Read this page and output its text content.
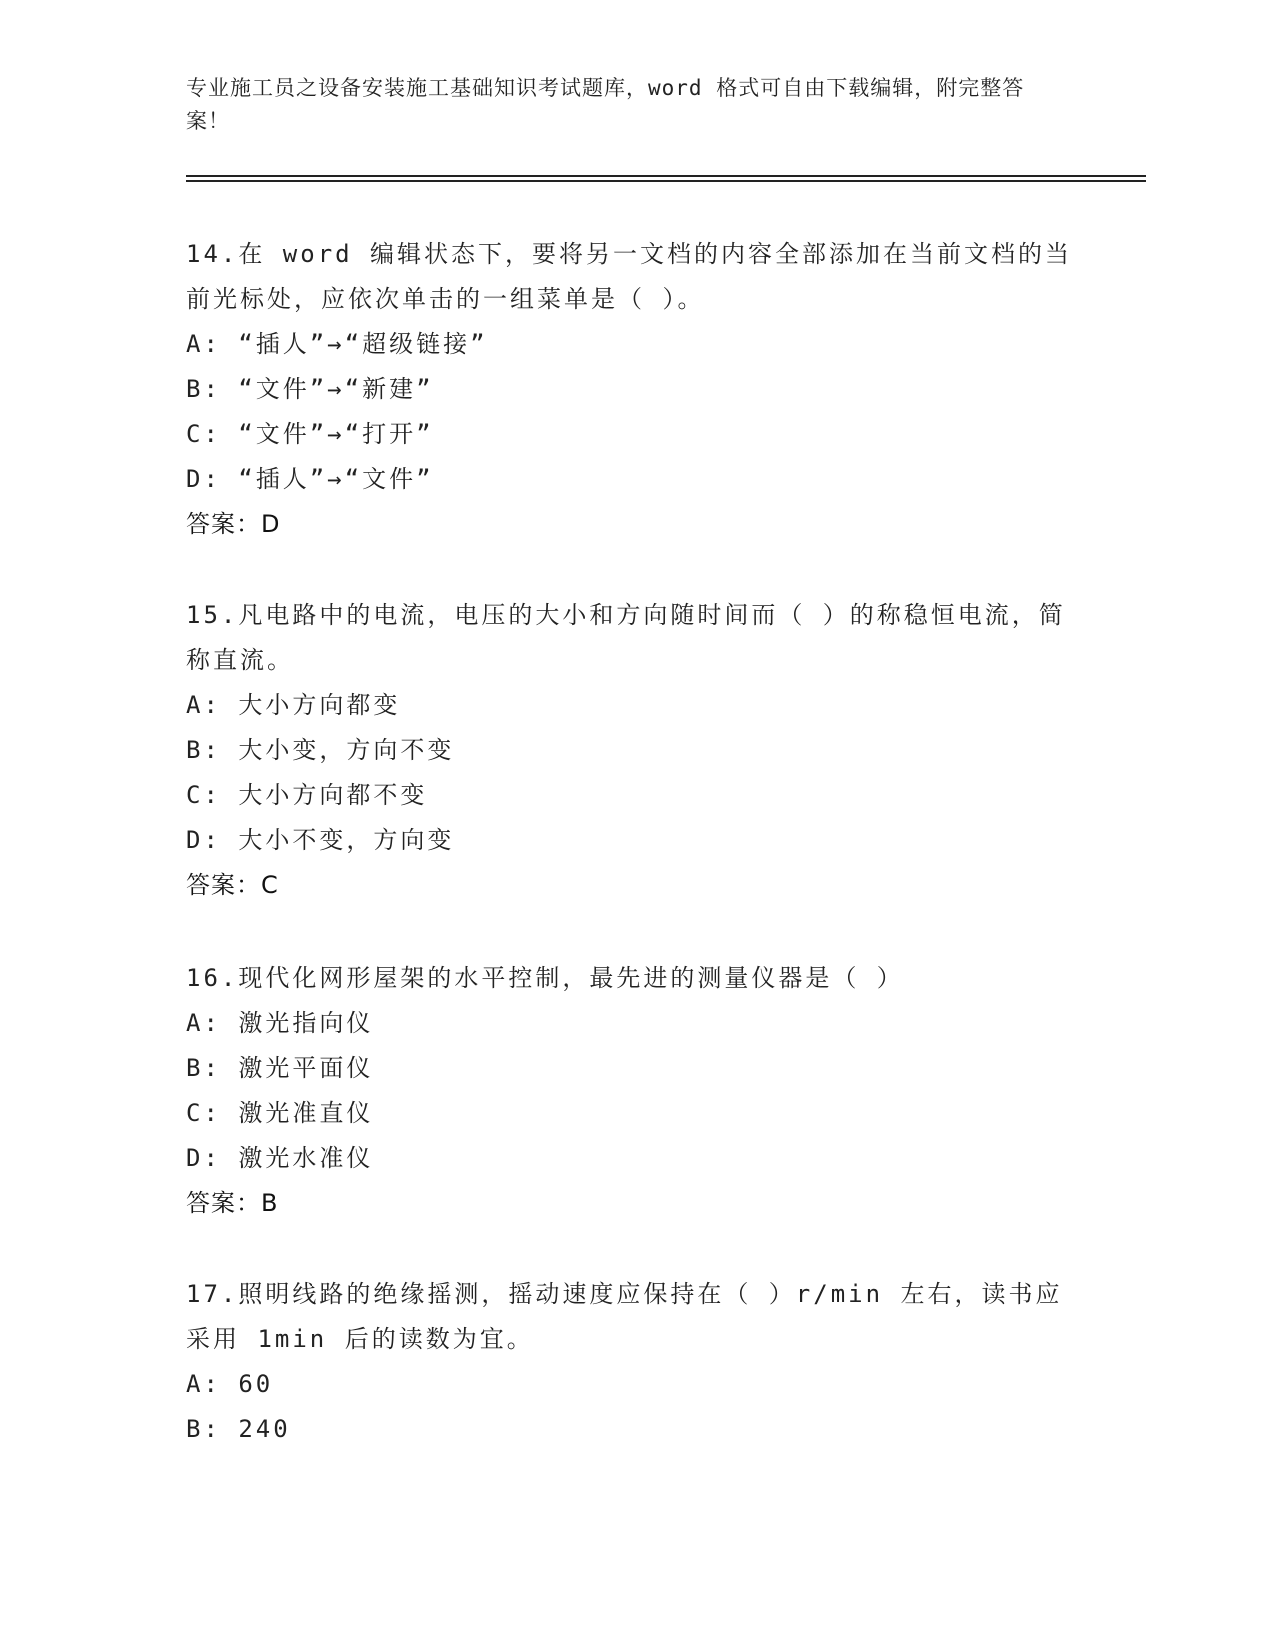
专业施工员之设备安装施工基础知识考试题库，word 格式可自由下载编辑，附完整答案！
14.在 word 编辑状态下，要将另一文档的内容全部添加在当前文档的当前光标处，应依次单击的一组菜单是（ ）。
A: “插人”→“超级链接”
B: “文件”→“新建”
C: “文件”→“打开”
D: “插人”→“文件”
答案：D
15.凡电路中的电流，电压的大小和方向随时间而（ ）的称稳恒电流，简称直流。
A: 大小方向都变
B: 大小变，方向不变
C: 大小方向都不变
D: 大小不变，方向变
答案：C
16.现代化网形屋架的水平控制，最先进的测量仪器是（ ）
A: 激光指向仪
B: 激光平面仪
C: 激光准直仪
D: 激光水准仪
答案：B
17.照明线路的绝缘摇测，摇动速度应保持在（ ）r/min 左右，读书应采用 1min 后的读数为宜。
A: 60
B: 240
